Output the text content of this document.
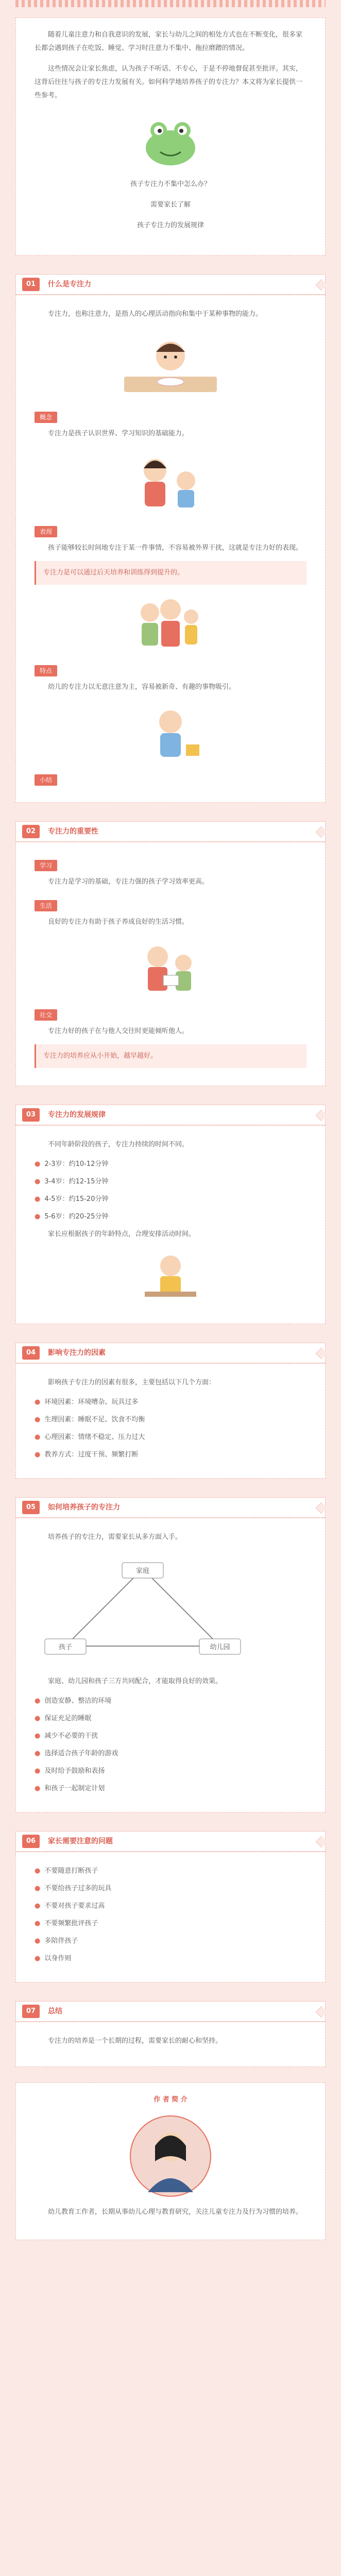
随着儿童注意力和自我意识的发展，家长与幼儿之间的相处方式也在不断变化，很多家长都会遇到孩子在吃饭、睡觉、学习时注意力不集中、拖拉磨蹭的情况。

这些情况会让家长焦虑，认为孩子不听话、不专心，于是不停地督促甚至批评。其实，这背后往往与孩子的专注力发展有关。如何科学地培养孩子的专注力？本文将为家长提供一些参考。

孩子专注力不集中怎么办？

需要家长了解

孩子专注力的发展规律

01	什么是专注力

专注力，也称注意力，是指人的心理活动指向和集中于某种事物的能力。

概念

专注力是孩子认识世界、学习知识的基础能力。

表现

孩子能够较长时间地专注于某一件事情，不容易被外界干扰，这就是专注力好的表现。

专注力是可以通过后天培养和训练得到提升的。
特点

幼儿的专注力以无意注意为主，容易被新奇、有趣的事物吸引。

小结
02	专注力的重要性
学习

专注力是学习的基础，专注力强的孩子学习效率更高。

生活

良好的专注力有助于孩子养成良好的生活习惯。

社交

专注力好的孩子在与他人交往时更能倾听他人。

专注力的培养应从小开始，越早越好。
03	专注力的发展规律

不同年龄阶段的孩子，专注力持续的时间不同。

● 2-3岁：约10-12分钟
● 3-4岁：约12-15分钟
● 4-5岁：约15-20分钟
● 5-6岁：约20-25分钟

家长应根据孩子的年龄特点，合理安排活动时间。

04	影响专注力的因素

影响孩子专注力的因素有很多，主要包括以下几个方面：

● 环境因素：环境嘈杂、玩具过多
● 生理因素：睡眠不足、饮食不均衡
● 心理因素：情绪不稳定、压力过大
● 教养方式：过度干预、频繁打断
05	如何培养孩子的专注力

培养孩子的专注力，需要家长从多方面入手。

家庭
孩子	幼儿园

家庭、幼儿园和孩子三方共同配合，才能取得良好的效果。

● 创造安静、整洁的环境
● 保证充足的睡眠
● 减少不必要的干扰
● 选择适合孩子年龄的游戏
● 及时给予鼓励和表扬
● 和孩子一起制定计划
06	家长需要注意的问题
● 不要随意打断孩子
● 不要给孩子过多的玩具
● 不要对孩子要求过高
● 不要频繁批评孩子
● 多陪伴孩子
● 以身作则
07	总结

专注力的培养是一个长期的过程，需要家长的耐心和坚持。

作 者 简 介

幼儿教育工作者，长期从事幼儿心理与教育研究，关注儿童专注力及行为习惯的培养。
